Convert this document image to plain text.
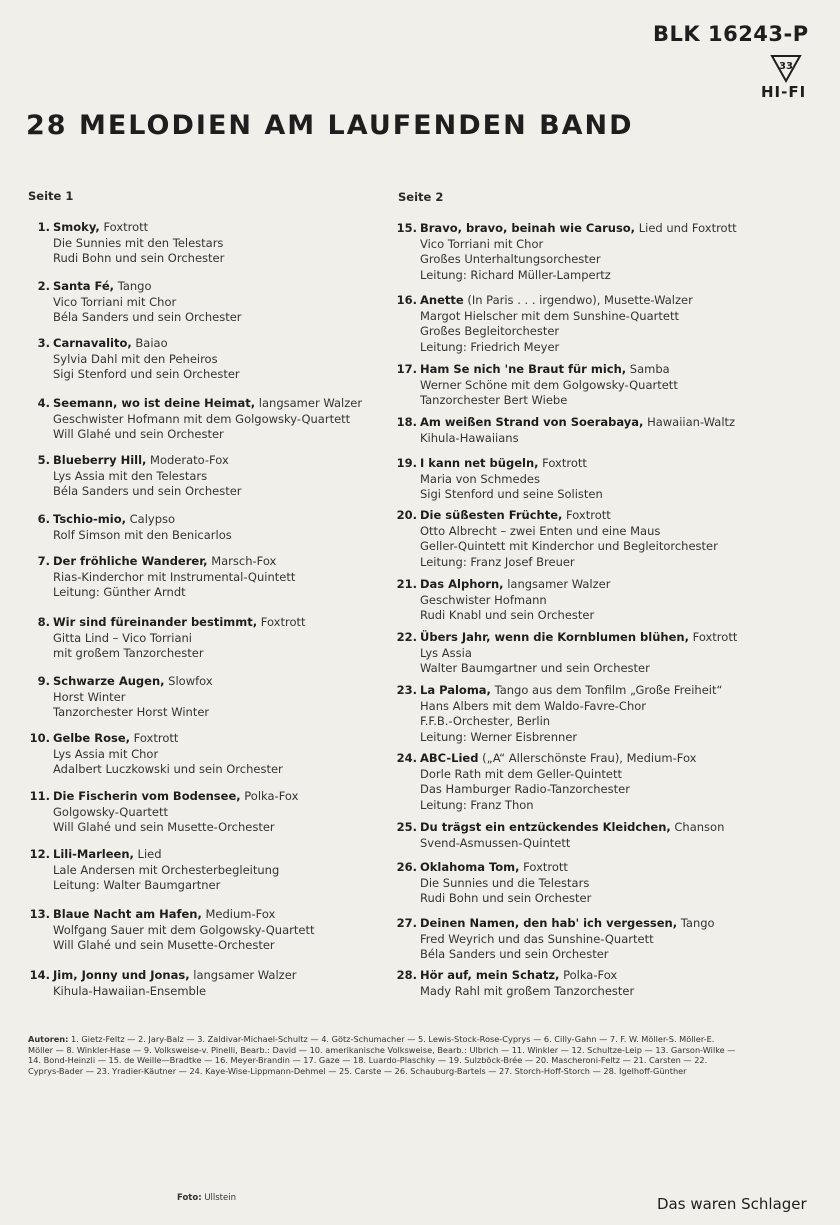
BLK 16243-P
33
HI-FI
28 MELODIEN AM LAUFENDEN BAND
Seite 1	Seite 2
1. Smoky, Foxtrott
Die Sunnies mit den Telestars
Rudi Bohn und sein Orchester
2. Santa Fé, Tango
Vico Torriani mit Chor
Béla Sanders und sein Orchester
3. Carnavalito, Baiao
Sylvia Dahl mit den Peheiros
Sigi Stenford und sein Orchester
4. Seemann, wo ist deine Heimat, langsamer Walzer
Geschwister Hofmann mit dem Golgowsky-Quartett
Will Glahé und sein Orchester
5. Blueberry Hill, Moderato-Fox
Lys Assia mit den Telestars
Béla Sanders und sein Orchester
6. Tschio-mio, Calypso
Rolf Simson mit den Benicarlos
7. Der fröhliche Wanderer, Marsch-Fox
Rias-Kinderchor mit Instrumental-Quintett
Leitung: Günther Arndt
8. Wir sind füreinander bestimmt, Foxtrott
Gitta Lind – Vico Torriani
mit großem Tanzorchester
9. Schwarze Augen, Slowfox
Horst Winter
Tanzorchester Horst Winter
10. Gelbe Rose, Foxtrott
Lys Assia mit Chor
Adalbert Luczkowski und sein Orchester
11. Die Fischerin vom Bodensee, Polka-Fox
Golgowsky-Quartett
Will Glahé und sein Musette-Orchester
12. Lili-Marleen, Lied
Lale Andersen mit Orchesterbegleitung
Leitung: Walter Baumgartner
13. Blaue Nacht am Hafen, Medium-Fox
Wolfgang Sauer mit dem Golgowsky-Quartett
Will Glahé und sein Musette-Orchester
14. Jim, Jonny und Jonas, langsamer Walzer
Kihula-Hawaiian-Ensemble
15. Bravo, bravo, beinah wie Caruso, Lied und Foxtrott
Vico Torriani mit Chor
Großes Unterhaltungsorchester
Leitung: Richard Müller-Lampertz
16. Anette (In Paris . . . irgendwo), Musette-Walzer
Margot Hielscher mit dem Sunshine-Quartett
Großes Begleitorchester
Leitung: Friedrich Meyer
17. Ham Se nich 'ne Braut für mich, Samba
Werner Schöne mit dem Golgowsky-Quartett
Tanzorchester Bert Wiebe
18. Am weißen Strand von Soerabaya, Hawaiian-Waltz
Kihula-Hawaiians
19. I kann net bügeln, Foxtrott
Maria von Schmedes
Sigi Stenford und seine Solisten
20. Die süßesten Früchte, Foxtrott
Otto Albrecht – zwei Enten und eine Maus
Geller-Quintett mit Kinderchor und Begleitorchester
Leitung: Franz Josef Breuer
21. Das Alphorn, langsamer Walzer
Geschwister Hofmann
Rudi Knabl und sein Orchester
22. Übers Jahr, wenn die Kornblumen blühen, Foxtrott
Lys Assia
Walter Baumgartner und sein Orchester
23. La Paloma, Tango aus dem Tonfilm „Große Freiheit“
Hans Albers mit dem Waldo-Favre-Chor
F.F.B.-Orchester, Berlin
Leitung: Werner Eisbrenner
24. ABC-Lied („A“ Allerschönste Frau), Medium-Fox
Dorle Rath mit dem Geller-Quintett
Das Hamburger Radio-Tanzorchester
Leitung: Franz Thon
25. Du trägst ein entzückendes Kleidchen, Chanson
Svend-Asmussen-Quintett
26. Oklahoma Tom, Foxtrott
Die Sunnies und die Telestars
Rudi Bohn und sein Orchester
27. Deinen Namen, den hab' ich vergessen, Tango
Fred Weyrich und das Sunshine-Quartett
Béla Sanders und sein Orchester
28. Hör auf, mein Schatz, Polka-Fox
Mady Rahl mit großem Tanzorchester
Autoren: 1. Gietz-Feltz — 2. Jary-Balz — 3. Zaldivar-Michael-Schultz — 4. Götz-Schumacher — 5. Lewis-Stock-Rose-Cyprys — 6. Cilly-Gahn — 7. F. W. Möller-S. Möller-E. Möller — 8. Winkler-Hase — 9. Volksweise-v. Pinelli, Bearb.: David — 10. amerikanische Volksweise, Bearb.: Ulbrich — 11. Winkler — 12. Schultze-Leip — 13. Garson-Wilke — 14. Bond-Heinzli — 15. de Weille—Bradtke — 16. Meyer-Brandin — 17. Gaze — 18. Luardo-Plaschky — 19. Sulzböck-Brée — 20. Mascheroni-Feltz — 21. Carsten — 22. Cyprys-Bader — 23. Yradier-Käutner — 24. Kaye-Wise-Lippmann-Dehmel — 25. Carste — 26. Schauburg-Bartels — 27. Storch-Hoff-Storch — 28. Igelhoff-Günther
Foto: Ullstein	Das waren Schlager
